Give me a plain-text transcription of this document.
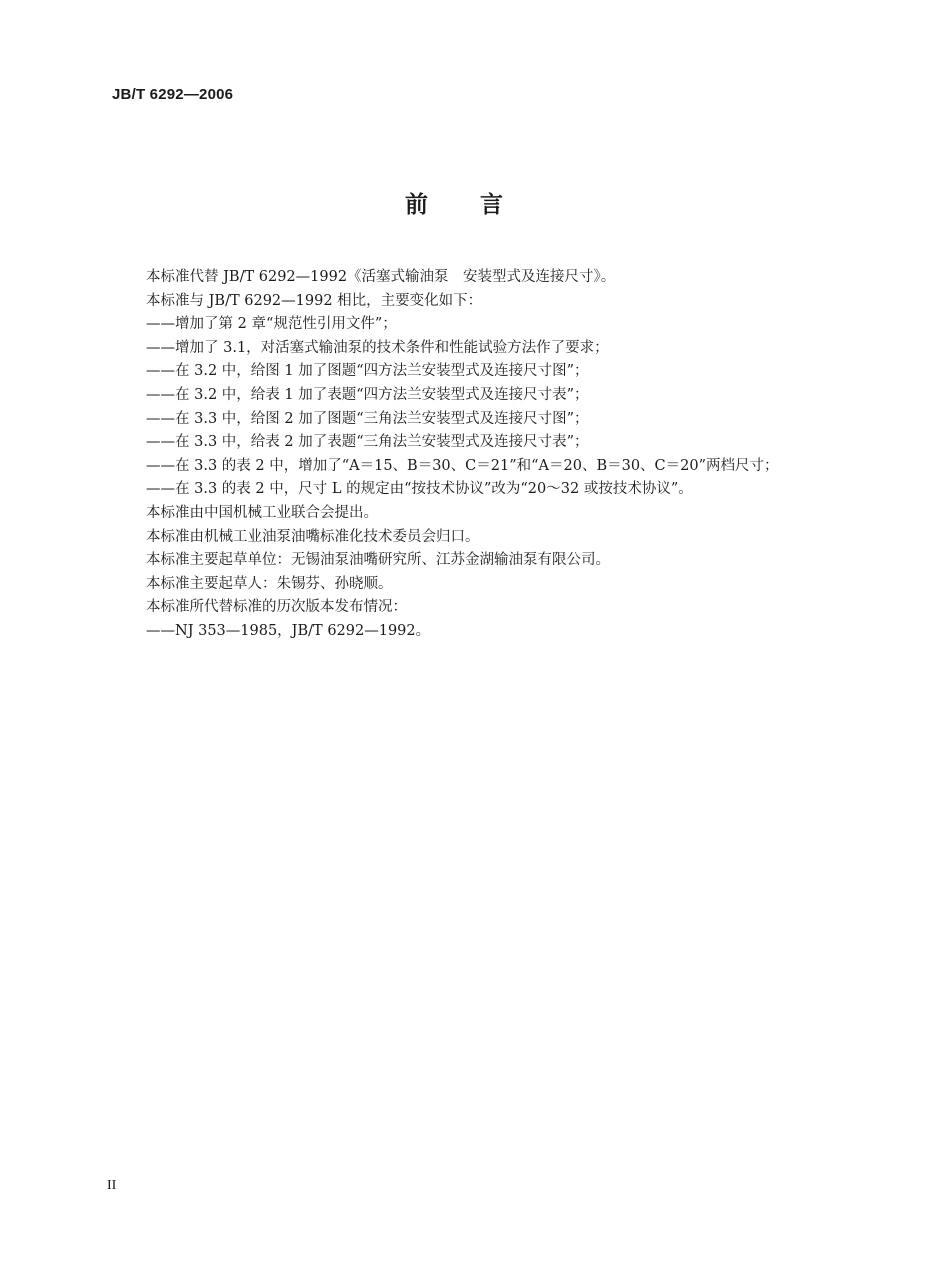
JB/T 6292—2006
前言
本标准代替 JB/T 6292—1992《活塞式输油泵　安装型式及连接尺寸》。
本标准与 JB/T 6292—1992 相比，主要变化如下：
——增加了第 2 章“规范性引用文件”；
——增加了 3.1，对活塞式输油泵的技术条件和性能试验方法作了要求；
——在 3.2 中，给图 1 加了图题“四方法兰安装型式及连接尺寸图”；
——在 3.2 中，给表 1 加了表题“四方法兰安装型式及连接尺寸表”；
——在 3.3 中，给图 2 加了图题“三角法兰安装型式及连接尺寸图”；
——在 3.3 中，给表 2 加了表题“三角法兰安装型式及连接尺寸表”；
——在 3.3 的表 2 中，增加了“A＝15、B＝30、C＝21”和“A＝20、B＝30、C＝20”两档尺寸；
——在 3.3 的表 2 中，尺寸 L 的规定由“按技术协议”改为“20～32 或按技术协议”。
本标准由中国机械工业联合会提出。
本标准由机械工业油泵油嘴标准化技术委员会归口。
本标准主要起草单位：无锡油泵油嘴研究所、江苏金湖输油泵有限公司。
本标准主要起草人：朱锡芬、孙晓顺。
本标准所代替标准的历次版本发布情况：
——NJ 353—1985，JB/T 6292—1992。
II
